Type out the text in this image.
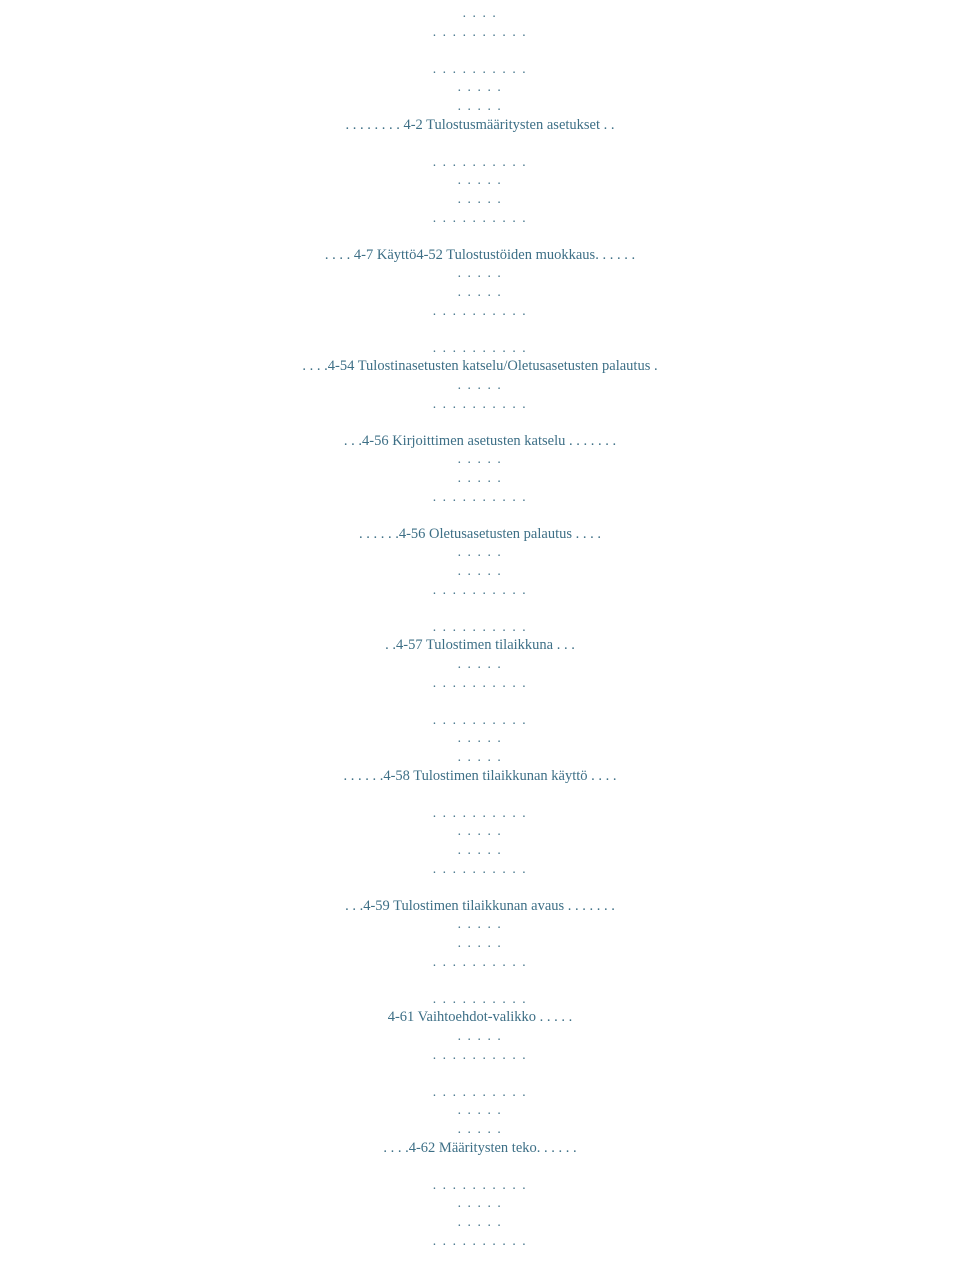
. . . .
. . . . . . . . . .
. . . . . . . . . .
. . . . .
. . . . .
. . . . . . . . 4-2 Tulostusmääritysten asetukset . .
. . . . . . . . . .
. . . . .
. . . . .
. . . . . . . . . .
. . . . 4-7 Käyttö4-52 Tulostustöiden muokkaus. . . . . .
. . . . .
. . . . .
. . . . . . . . . .
. . . . . . . . . .
. . . .4-54 Tulostinasetusten katselu/Oletusasetusten palautus .
. . . . .
. . . . . . . . . .
. . .4-56 Kirjoittimen asetusten katselu . . . . . . .
. . . . .
. . . . .
. . . . . . . . . .
. . . . . .4-56 Oletusasetusten palautus . . . .
. . . . .
. . . . .
. . . . . . . . . .
. . . . . . . . . .
. .4-57 Tulostimen tilaikkuna . . .
. . . . .
. . . . . . . . . .
. . . . . . . . . .
. . . . .
. . . . .
. . . . . .4-58 Tulostimen tilaikkunan käyttö . . . .
. . . . . . . . . .
. . . . .
. . . . .
. . . . . . . . . .
. . .4-59 Tulostimen tilaikkunan avaus . . . . . . .
. . . . .
. . . . .
. . . . . . . . . .
. . . . . . . . . .
4-61 Vaihtoehdot-valikko . . . . .
. . . . .
. . . . . . . . . .
. . . . . . . . . .
. . . . .
. . . . .
. . . .4-62 Määritysten teko. . . . . .
. . . . . . . . . .
. . . . .
. . . . .
. . . . . . . . . .
